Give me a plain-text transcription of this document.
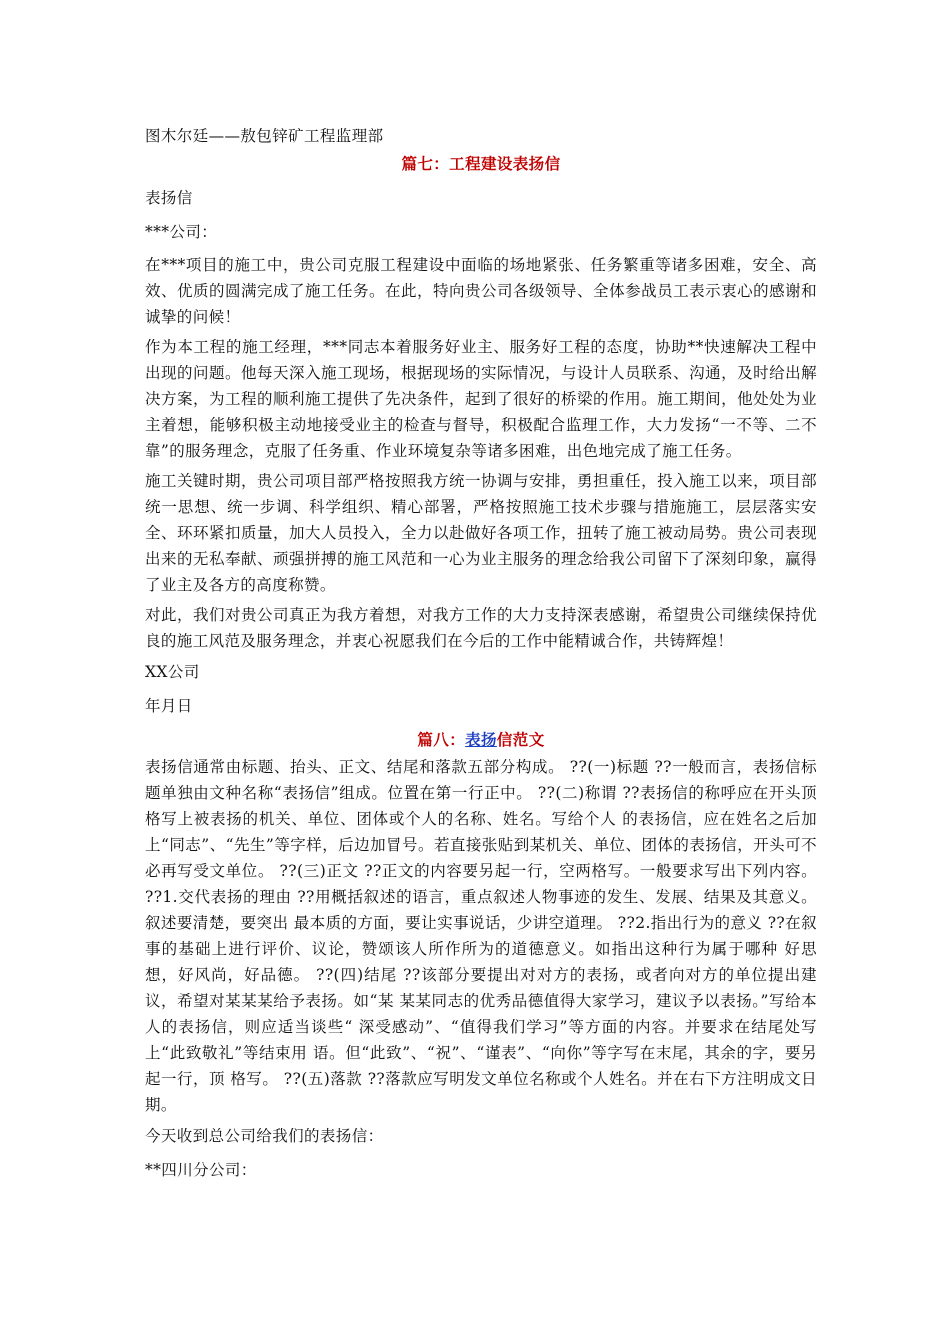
图木尔廷——敖包锌矿工程监理部

篇七：工程建设表扬信

表扬信

***公司：

在***项目的施工中，贵公司克服工程建设中面临的场地紧张、任务繁重等诸多困难，安全、高效、优质的圆满完成了施工任务。在此，特向贵公司各级领导、全体参战员工表示衷心的感谢和诚挚的问候！

作为本工程的施工经理，***同志本着服务好业主、服务好工程的态度，协助**快速解决工程中出现的问题。他每天深入施工现场，根据现场的实际情况，与设计人员联系、沟通，及时给出解决方案，为工程的顺利施工提供了先决条件，起到了很好的桥梁的作用。施工期间，他处处为业主着想，能够积极主动地接受业主的检查与督导，积极配合监理工作，大力发扬“一不等、二不靠”的服务理念，克服了任务重、作业环境复杂等诸多困难，出色地完成了施工任务。

施工关键时期，贵公司项目部严格按照我方统一协调与安排，勇担重任，投入施工以来，项目部统一思想、统一步调、科学组织、精心部署，严格按照施工技术步骤与措施施工，层层落实安全、环环紧扣质量，加大人员投入，全力以赴做好各项工作，扭转了施工被动局势。贵公司表现出来的无私奉献、顽强拼搏的施工风范和一心为业主服务的理念给我公司留下了深刻印象，赢得了业主及各方的高度称赞。

对此，我们对贵公司真正为我方着想，对我方工作的大力支持深表感谢，希望贵公司继续保持优良的施工风范及服务理念，并衷心祝愿我们在今后的工作中能精诚合作，共铸辉煌！

XX公司

年月日

篇八：表扬信范文

表扬信通常由标题、抬头、正文、结尾和落款五部分构成。 ??(一)标题 ??一般而言，表扬信标题单独由文种名称“表扬信”组成。位置在第一行正中。 ??(二)称谓 ??表扬信的称呼应在开头顶格写上被表扬的机关、单位、团体或个人的名称、姓名。写给个人 的表扬信，应在姓名之后加上“同志”、“先生”等字样，后边加冒号。若直接张贴到某机关、单位、团体的表扬信，开头可不必再写受文单位。 ??(三)正文 ??正文的内容要另起一行，空两格写。一般要求写出下列内容。 ??1.交代表扬的理由 ??用概括叙述的语言，重点叙述人物事迹的发生、发展、结果及其意义。叙述要清楚，要突出 最本质的方面，要让实事说话，少讲空道理。 ??2.指出行为的意义 ??在叙事的基础上进行评价、议论，赞颂该人所作所为的道德意义。如指出这种行为属于哪种 好思想，好风尚，好品德。 ??(四)结尾 ??该部分要提出对对方的表扬，或者向对方的单位提出建议，希望对某某某给予表扬。如“某 某某同志的优秀品德值得大家学习，建议予以表扬。”写给本人的表扬信，则应适当谈些“ 深受感动”、“值得我们学习”等方面的内容。并要求在结尾处写上“此致敬礼”等结束用 语。但“此致”、“祝”、“谨表”、“向你”等字写在末尾，其余的字，要另起一行，顶 格写。 ??(五)落款 ??落款应写明发文单位名称或个人姓名。并在右下方注明成文日期。

今天收到总公司给我们的表扬信：

**四川分公司：
